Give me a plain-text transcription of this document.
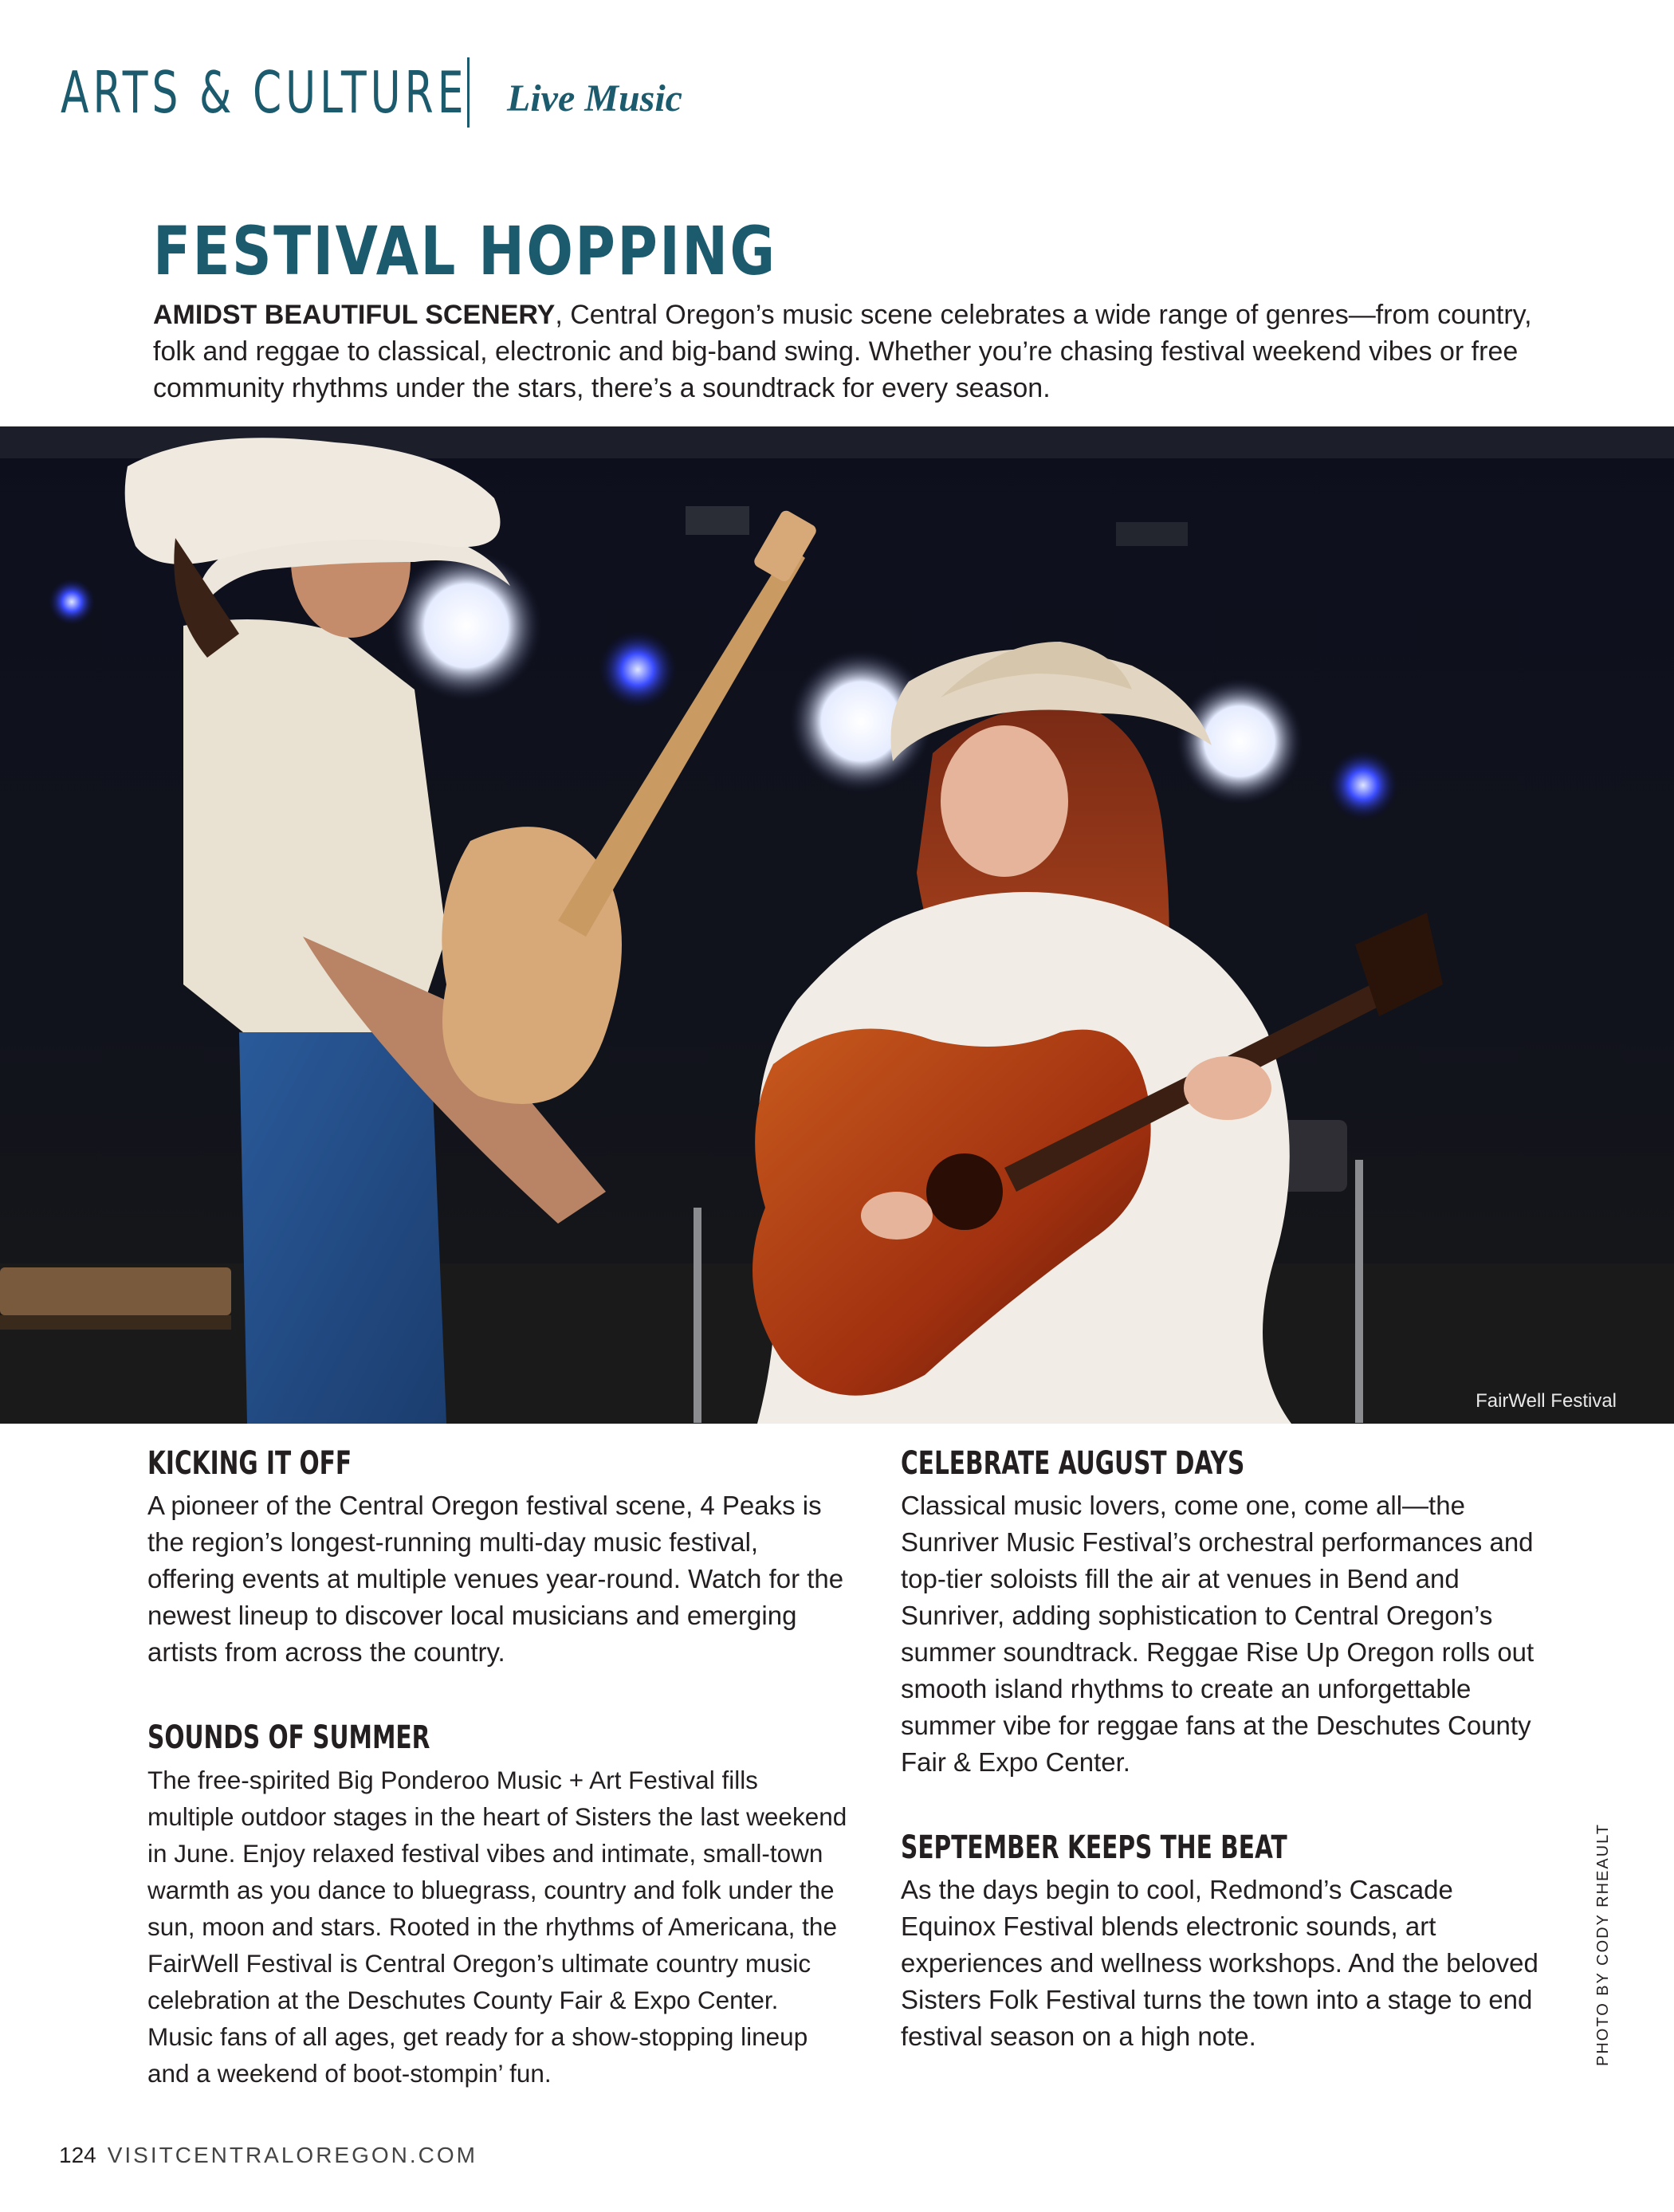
ARTS & CULTURE Live Music
FESTIVAL HOPPING

AMIDST BEAUTIFUL SCENERY, Central Oregon’s music scene celebrates a wide range of genres—from country, folk and reggae to classical, electronic and big-band swing. Whether you’re chasing festival weekend vibes or free community rhythms under the stars, there’s a soundtrack for every season.

FairWell Festival
KICKING IT OFF

A pioneer of the Central Oregon festival scene, 4 Peaks is the region’s longest-running multi-day music festival, offering events at multiple venues year-round. Watch for the newest lineup to discover local musicians and emerging artists from across the country.

SOUNDS OF SUMMER

The free-spirited Big Ponderoo Music + Art Festival fills multiple outdoor stages in the heart of Sisters the last weekend in June. Enjoy relaxed festival vibes and intimate, small-town warmth as you dance to bluegrass, country and folk under the sun, moon and stars. Rooted in the rhythms of Americana, the FairWell Festival is Central Oregon’s ultimate country music celebration at the Deschutes County Fair & Expo Center. Music fans of all ages, get ready for a show-stopping lineup and a weekend of boot-stompin’ fun.

CELEBRATE AUGUST DAYS

Classical music lovers, come one, come all—the Sunriver Music Festival’s orchestral performances and top-tier soloists fill the air at venues in Bend and Sunriver, adding sophistication to Central Oregon’s summer soundtrack. Reggae Rise Up Oregon rolls out smooth island rhythms to create an unforgettable summer vibe for reggae fans at the Deschutes County Fair & Expo Center.

SEPTEMBER KEEPS THE BEAT

As the days begin to cool, Redmond’s Cascade Equinox Festival blends electronic sounds, art experiences and wellness workshops. And the beloved Sisters Folk Festival turns the town into a stage to end festival season on a high note.	PHOTO BY CODY RHEAULT
124 VISITCENTRALOREGON.COM
